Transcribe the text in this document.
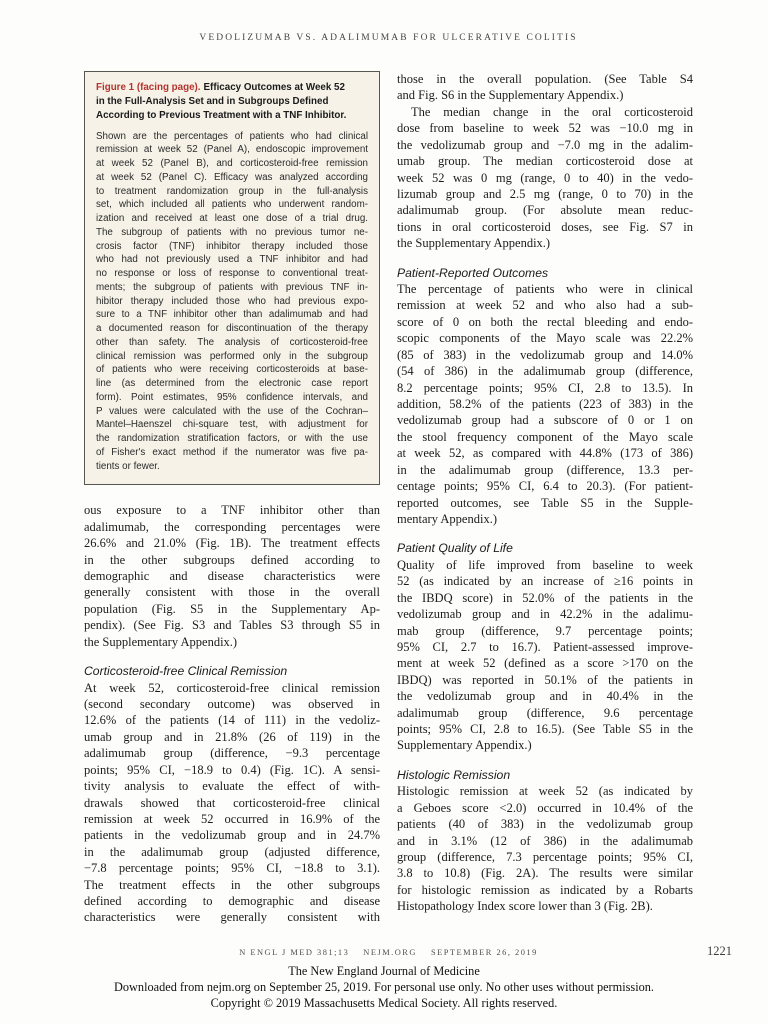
VEDOLIZUMAB VS. ADALIMUMAB FOR ULCERATIVE COLITIS
Figure 1 (facing page). Efficacy Outcomes at Week 52
in the Full-Analysis Set and in Subgroups Defined
According to Previous Treatment with a TNF Inhibitor.
Shown are the percentages of patients who had clinical
remission at week 52 (Panel A), endoscopic improvement
at week 52 (Panel B), and corticosteroid-free remission
at week 52 (Panel C). Efficacy was analyzed according
to treatment randomization group in the full-analysis
set, which included all patients who underwent random-
ization and received at least one dose of a trial drug.
The subgroup of patients with no previous tumor ne-
crosis factor (TNF) inhibitor therapy included those
who had not previously used a TNF inhibitor and had
no response or loss of response to conventional treat-
ments; the subgroup of patients with previous TNF in-
hibitor therapy included those who had previous expo-
sure to a TNF inhibitor other than adalimumab and had
a documented reason for discontinuation of the therapy
other than safety. The analysis of corticosteroid-free
clinical remission was performed only in the subgroup
of patients who were receiving corticosteroids at base-
line (as determined from the electronic case report
form). Point estimates, 95% confidence intervals, and
P values were calculated with the use of the Cochran–
Mantel–Haenszel chi-square test, with adjustment for
the randomization stratification factors, or with the use
of Fisher's exact method if the numerator was five pa-
tients or fewer.
ous exposure to a TNF inhibitor other than
adalimumab, the corresponding percentages were
26.6% and 21.0% (Fig. 1B). The treatment effects
in the other subgroups defined according to
demographic and disease characteristics were
generally consistent with those in the overall
population (Fig. S5 in the Supplementary Ap-
pendix). (See Fig. S3 and Tables S3 through S5 in
the Supplementary Appendix.)
Corticosteroid-free Clinical Remission
At week 52, corticosteroid-free clinical remission
(second secondary outcome) was observed in
12.6% of the patients (14 of 111) in the vedoliz-
umab group and in 21.8% (26 of 119) in the
adalimumab group (difference, −9.3 percentage
points; 95% CI, −18.9 to 0.4) (Fig. 1C). A sensi-
tivity analysis to evaluate the effect of with-
drawals showed that corticosteroid-free clinical
remission at week 52 occurred in 16.9% of the
patients in the vedolizumab group and in 24.7%
in the adalimumab group (adjusted difference,
−7.8 percentage points; 95% CI, −18.8 to 3.1).
The treatment effects in the other subgroups
defined according to demographic and disease
characteristics were generally consistent with
those in the overall population. (See Table S4
and Fig. S6 in the Supplementary Appendix.)
The median change in the oral corticosteroid
dose from baseline to week 52 was −10.0 mg in
the vedolizumab group and −7.0 mg in the adalim-
umab group. The median corticosteroid dose at
week 52 was 0 mg (range, 0 to 40) in the vedo-
lizumab group and 2.5 mg (range, 0 to 70) in the
adalimumab group. (For absolute mean reduc-
tions in oral corticosteroid doses, see Fig. S7 in
the Supplementary Appendix.)
Patient-Reported Outcomes
The percentage of patients who were in clinical
remission at week 52 and who also had a sub-
score of 0 on both the rectal bleeding and endo-
scopic components of the Mayo scale was 22.2%
(85 of 383) in the vedolizumab group and 14.0%
(54 of 386) in the adalimumab group (difference,
8.2 percentage points; 95% CI, 2.8 to 13.5). In
addition, 58.2% of the patients (223 of 383) in the
vedolizumab group had a subscore of 0 or 1 on
the stool frequency component of the Mayo scale
at week 52, as compared with 44.8% (173 of 386)
in the adalimumab group (difference, 13.3 per-
centage points; 95% CI, 6.4 to 20.3). (For patient-
reported outcomes, see Table S5 in the Supple-
mentary Appendix.)
Patient Quality of Life
Quality of life improved from baseline to week
52 (as indicated by an increase of ≥16 points in
the IBDQ score) in 52.0% of the patients in the
vedolizumab group and in 42.2% in the adalimu-
mab group (difference, 9.7 percentage points;
95% CI, 2.7 to 16.7). Patient-assessed improve-
ment at week 52 (defined as a score >170 on the
IBDQ) was reported in 50.1% of the patients in
the vedolizumab group and in 40.4% in the
adalimumab group (difference, 9.6 percentage
points; 95% CI, 2.8 to 16.5). (See Table S5 in the
Supplementary Appendix.)
Histologic Remission
Histologic remission at week 52 (as indicated by
a Geboes score <2.0) occurred in 10.4% of the
patients (40 of 383) in the vedolizumab group
and in 3.1% (12 of 386) in the adalimumab
group (difference, 7.3 percentage points; 95% CI,
3.8 to 10.8) (Fig. 2A). The results were similar
for histologic remission as indicated by a Robarts
Histopathology Index score lower than 3 (Fig. 2B).
N ENGL J MED 381;13 NEJM.ORG SEPTEMBER 26, 2019	1221
The New England Journal of Medicine
Downloaded from nejm.org on September 25, 2019. For personal use only. No other uses without permission.
Copyright © 2019 Massachusetts Medical Society. All rights reserved.
